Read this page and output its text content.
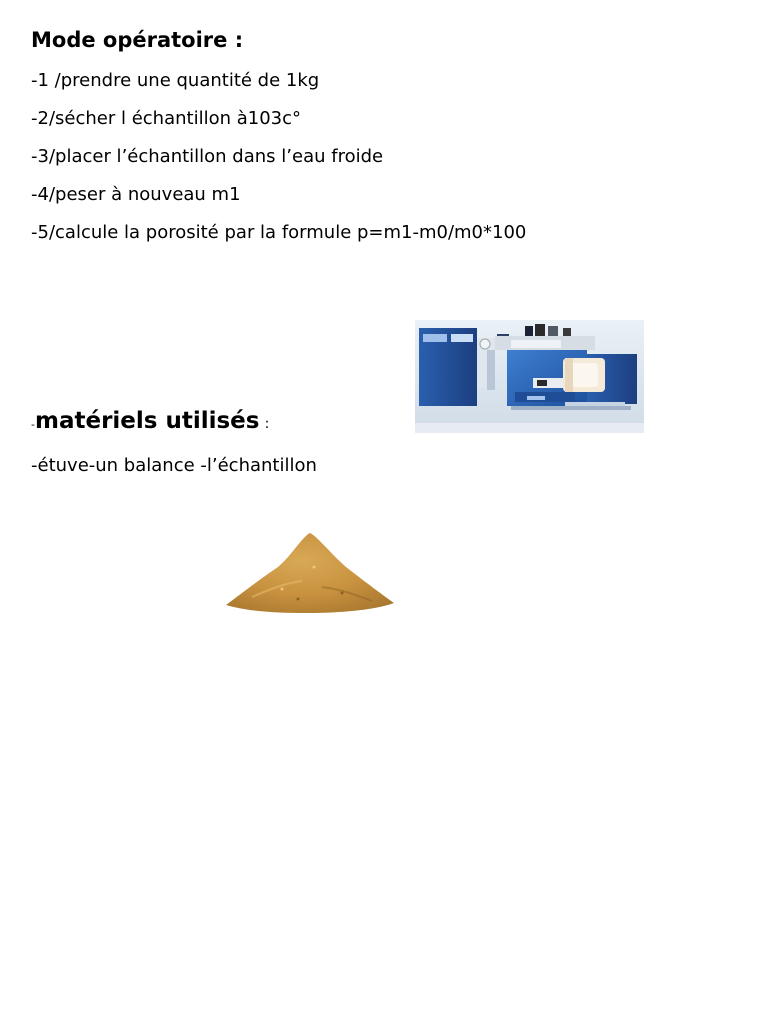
Mode opératoire :
-1 /prendre une quantité de 1kg
-2/sécher l échantillon à103c°
-3/placer l’échantillon dans l’eau froide
-4/peser à nouveau m1
-5/calcule la porosité par la formule p=m1-m0/m0*100
-matériels utilisés :
-étuve-un balance -l’échantillon
